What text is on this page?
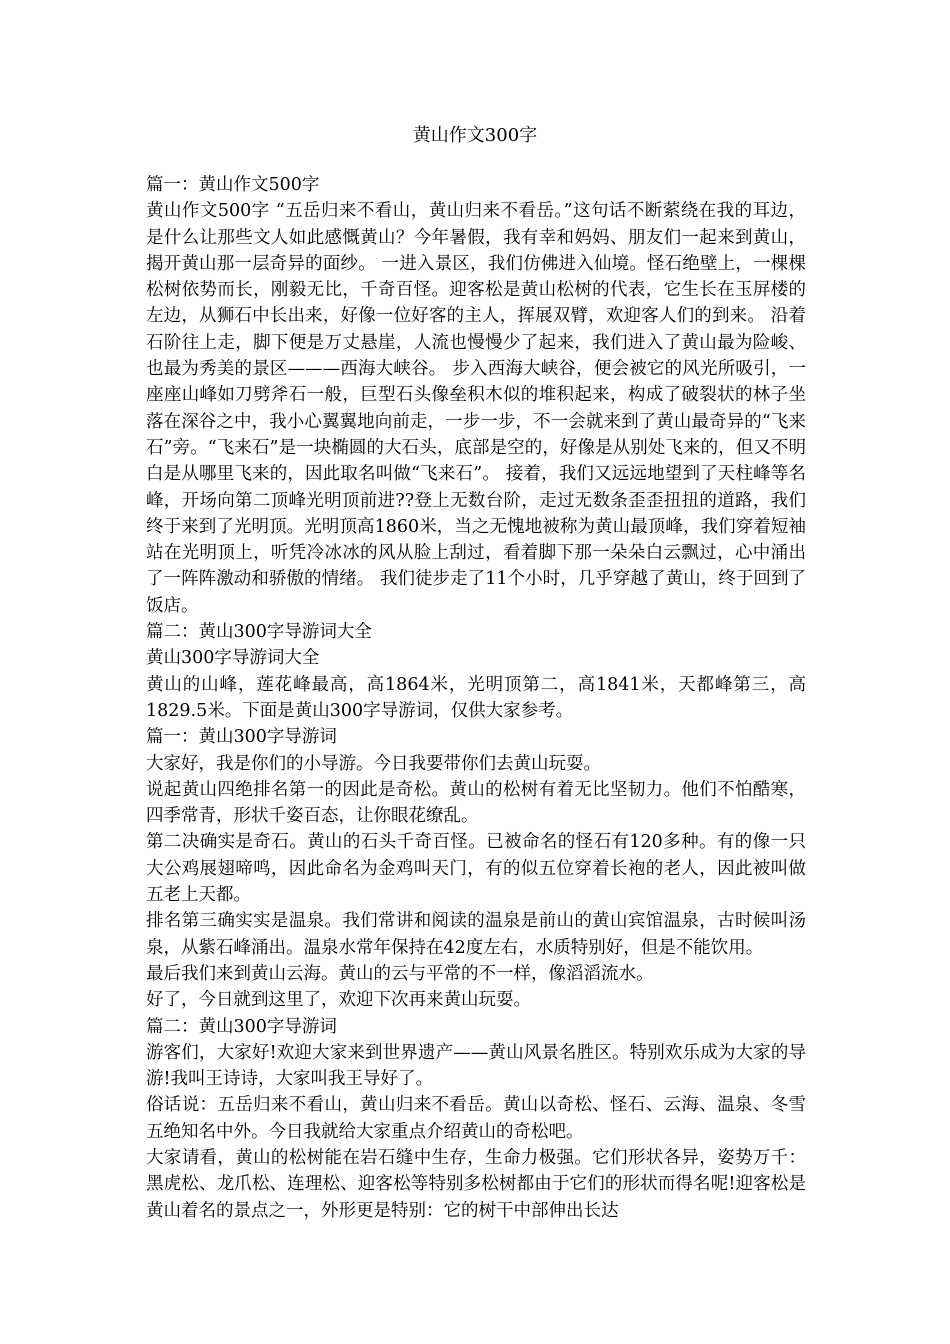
黄山作文300字

篇一：黄山作文500字

黄山作文500字 “五岳归来不看山，黄山归来不看岳。”这句话不断萦绕在我的耳边，是什么让那些文人如此感慨黄山？今年暑假，我有幸和妈妈、朋友们一起来到黄山，揭开黄山那一层奇异的面纱。 一进入景区，我们仿佛进入仙境。怪石绝壁上，一棵棵松树依势而长，刚毅无比，千奇百怪。迎客松是黄山松树的代表，它生长在玉屏楼的左边，从狮石中长出来，好像一位好客的主人，挥展双臂，欢迎客人们的到来。 沿着石阶往上走，脚下便是万丈悬崖，人流也慢慢少了起来，我们进入了黄山最为险峻、也最为秀美的景区———西海大峡谷。 步入西海大峡谷，便会被它的风光所吸引，一座座山峰如刀劈斧石一般，巨型石头像垒积木似的堆积起来，构成了破裂状的林子坐落在深谷之中，我小心翼翼地向前走，一步一步，不一会就来到了黄山最奇异的“飞来石”旁。“飞来石”是一块椭圆的大石头，底部是空的，好像是从别处飞来的，但又不明白是从哪里飞来的，因此取名叫做“飞来石”。 接着，我们又远远地望到了天柱峰等名峰，开场向第二顶峰光明顶前进??登上无数台阶，走过无数条歪歪扭扭的道路，我们终于来到了光明顶。光明顶高1860米，当之无愧地被称为黄山最顶峰，我们穿着短袖站在光明顶上，听凭冷冰冰的风从脸上刮过，看着脚下那一朵朵白云飘过，心中涌出了一阵阵激动和骄傲的情绪。 我们徒步走了11个小时，几乎穿越了黄山，终于回到了饭店。

篇二：黄山300字导游词大全

黄山300字导游词大全

黄山的山峰，莲花峰最高，高1864米，光明顶第二，高1841米，天都峰第三，高1829.5米。下面是黄山300字导游词，仅供大家参考。

篇一：黄山300字导游词

大家好，我是你们的小导游。今日我要带你们去黄山玩耍。

说起黄山四绝排名第一的因此是奇松。黄山的松树有着无比坚韧力。他们不怕酷寒，四季常青，形状千姿百态，让你眼花缭乱。

第二决确实是奇石。黄山的石头千奇百怪。已被命名的怪石有120多种。有的像一只大公鸡展翅啼鸣，因此命名为金鸡叫天门，有的似五位穿着长袍的老人，因此被叫做五老上天都。

排名第三确实实是温泉。我们常讲和阅读的温泉是前山的黄山宾馆温泉，古时候叫汤泉，从紫石峰涌出。温泉水常年保持在42度左右，水质特别好，但是不能饮用。

最后我们来到黄山云海。黄山的云与平常的不一样，像滔滔流水。

好了，今日就到这里了，欢迎下次再来黄山玩耍。

篇二：黄山300字导游词

游客们，大家好!欢迎大家来到世界遗产——黄山风景名胜区。特别欢乐成为大家的导游!我叫王诗诗，大家叫我王导好了。

俗话说：五岳归来不看山，黄山归来不看岳。黄山以奇松、怪石、云海、温泉、冬雪五绝知名中外。今日我就给大家重点介绍黄山的奇松吧。

大家请看，黄山的松树能在岩石缝中生存，生命力极强。它们形状各异，姿势万千：黑虎松、龙爪松、连理松、迎客松等特别多松树都由于它们的形状而得名呢!迎客松是黄山着名的景点之一，外形更是特别：它的树干中部伸出长达
